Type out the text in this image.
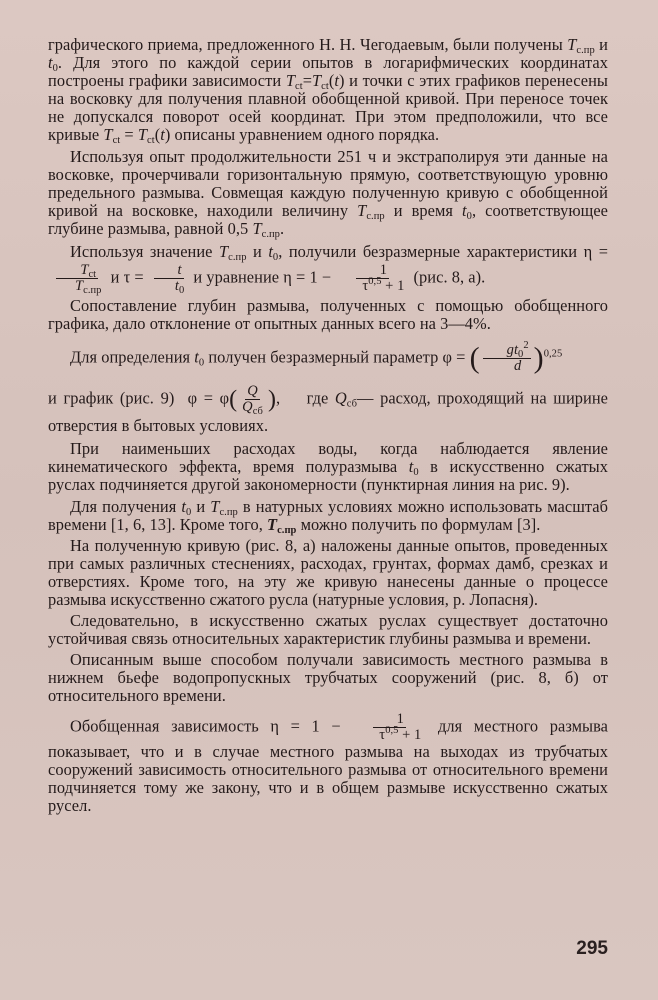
графического приема, предложенного Н. Н. Чегодаевым, были получены $T_{с.пр}$ и $t_0$. Для этого по каждой серии опытов в логарифмических координатах построены графики зависимости $T_{ct}=T_{ct}(t)$ и точки с этих графиков перенесены на восковку для получения плавной обобщенной кривой. При переносе точек не допускался поворот осей координат. При этом предположили, что все кривые $T_{ct} = T_{ct}(t)$ описаны уравнением одного порядка.

Используя опыт продолжительности 251 ч и экстраполируя эти данные на восковке, прочерчивали горизонтальную прямую, соответствующую уровню предельного размыва. Совмещая каждую полученную кривую с обобщенной кривой на восковке, находили величину $T_{с.пр}$ и время $t_0$, соответствующее глубине размыва, равной 0,5 $T_{с.пр}$.

Используя значение $T_{с.пр}$ и $t_0$, получили безразмерные характеристики η =
$\frac{T_{ct}}{T_{с.пр}}$ и $\tau = \frac{t}{t_0}$ и уравнение $\eta = 1 - \frac{1}{\tau^{0,5} + 1} (рис$. 8, а).

Сопоставление глубин размыва, полученных с помощью обобщенного графика, дало отклонение от опытных данных всего на 3—4%.

Для определения $t_0$ получен безразмерный параметр φ = ( $\frac{gt_0^2}{d} )^{0,25}$

и график (рис. 9)  $\varphi = \varphi( \frac{Q}{Q_{сб}}$ ),    где $Q_{сб}—$ расход, проходящий на ширине отверстия в бытовых условиях.

При наименьших расходах воды, когда наблюдается явление кинематического эффекта, время полуразмыва $t_0$ в искусственно сжатых руслах подчиняется другой закономерности (пунктирная линия на рис. 9).

Для получения $t_0$ и $T_{с.пр}$ в натурных условиях можно использовать масштаб времени [1, 6, 13]. Кроме того, $T_{с.пр}$ можно получить по формулам [3].

На полученную кривую (рис. 8, а) наложены данные опытов, проведенных при самых различных стеснениях, расходах, грунтах, формах дамб, срезках и отверстиях. Кроме того, на эту же кривую нанесены данные о процессе размыва искусственно сжатого русла (натурные условия, р. Лопасня).

Следовательно, в искусственно сжатых руслах существует достаточно устойчивая связь относительных характеристик глубины размыва и времени.

Описанным выше способом получали зависимость местного размыва в нижнем бьефе водопропускных трубчатых сооружений (рис. 8, б) от относительного времени.

Обобщенная зависимость $\eta = 1 - \frac{1}{\tau^{0,5} + 1}$ для местного размыва показывает, что и в случае местного размыва на выходах из трубчатых сооружений зависимость относительного размыва от относительного времени подчиняется тому же закону, что и в общем размыве искусственно сжатых русел.

295
